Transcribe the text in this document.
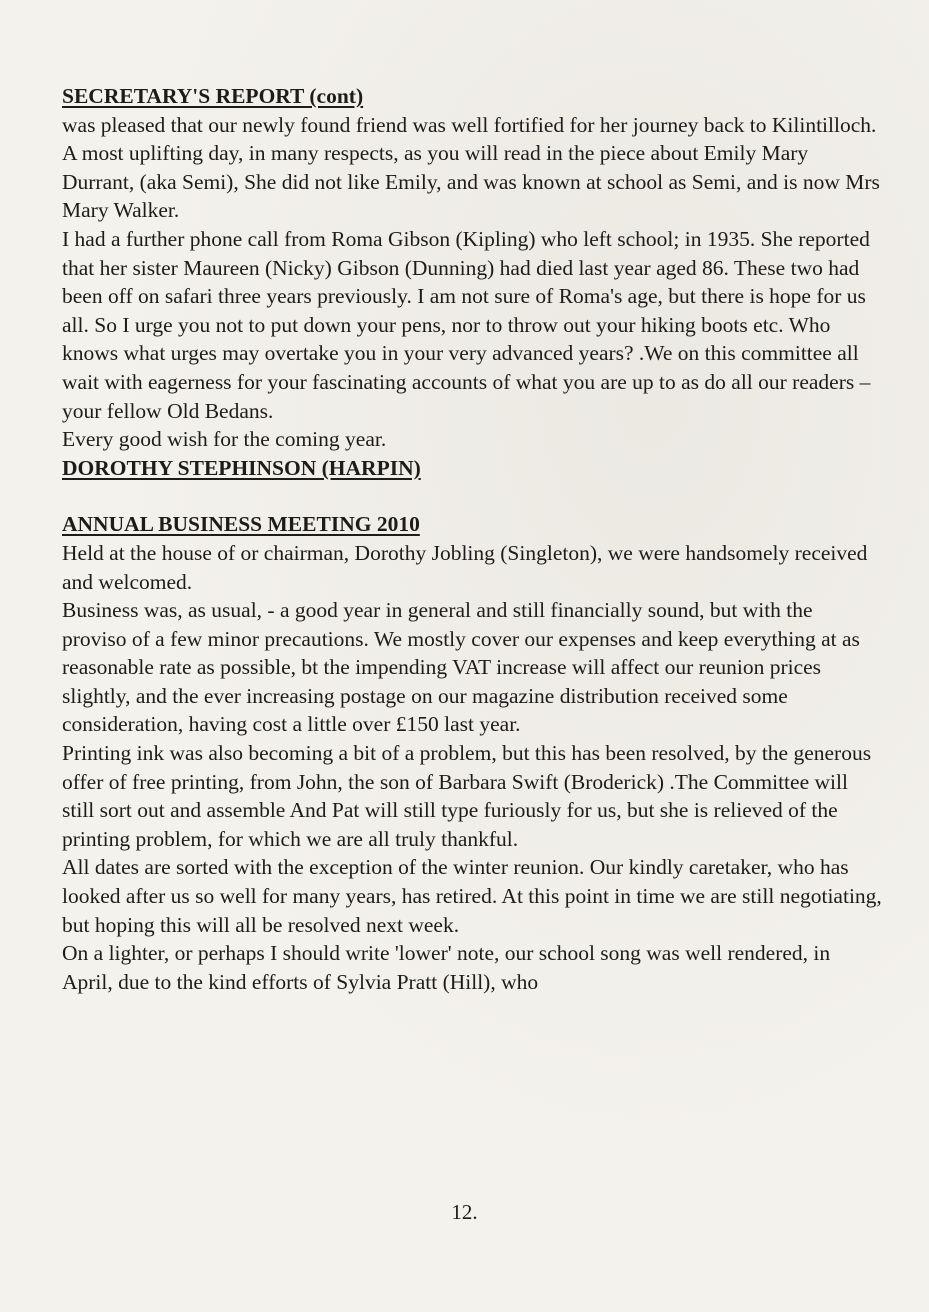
SECRETARY'S REPORT (cont)

was pleased that our newly found friend was well fortified for her journey back to Kilintilloch.

A most uplifting day, in many respects, as you will read in the piece about Emily Mary Durrant, (aka Semi), She did not like Emily, and was known at school as Semi, and is now Mrs Mary Walker.

I had a further phone call from Roma Gibson (Kipling) who left school; in 1935. She reported that her sister Maureen (Nicky) Gibson (Dunning) had died last year aged 86. These two had been off on safari three years previously. I am not sure of Roma's age, but there is hope for us all. So I urge you not to put down your pens, nor to throw out your hiking boots etc. Who knows what urges may overtake you in your very advanced years? .We on this committee all wait with eagerness for your fascinating accounts of what you are up to as do all our readers – your fellow Old Bedans.

Every good wish for the coming year.

DOROTHY STEPHINSON (HARPIN)

ANNUAL BUSINESS MEETING 2010

Held at the house of or chairman, Dorothy Jobling (Singleton), we were handsomely received and welcomed.

Business was, as usual, - a good year in general and still financially sound, but with the proviso of a few minor precautions. We mostly cover our expenses and keep everything at as reasonable rate as possible, bt the impending VAT increase will affect our reunion prices slightly, and the ever increasing postage on our magazine distribution received some consideration, having cost a little over £150 last year.

Printing ink was also becoming a bit of a problem, but this has been resolved, by the generous offer of free printing, from John, the son of Barbara Swift (Broderick) .The Committee will still sort out and assemble And Pat will still type furiously for us, but she is relieved of the printing problem, for which we are all truly thankful.

All dates are sorted with the exception of the winter reunion. Our kindly caretaker, who has looked after us so well for many years, has retired. At this point in time we are still negotiating, but hoping this will all be resolved next week.

On a lighter, or perhaps I should write 'lower' note, our school song was well rendered, in April, due to the kind efforts of Sylvia Pratt (Hill), who

12.
